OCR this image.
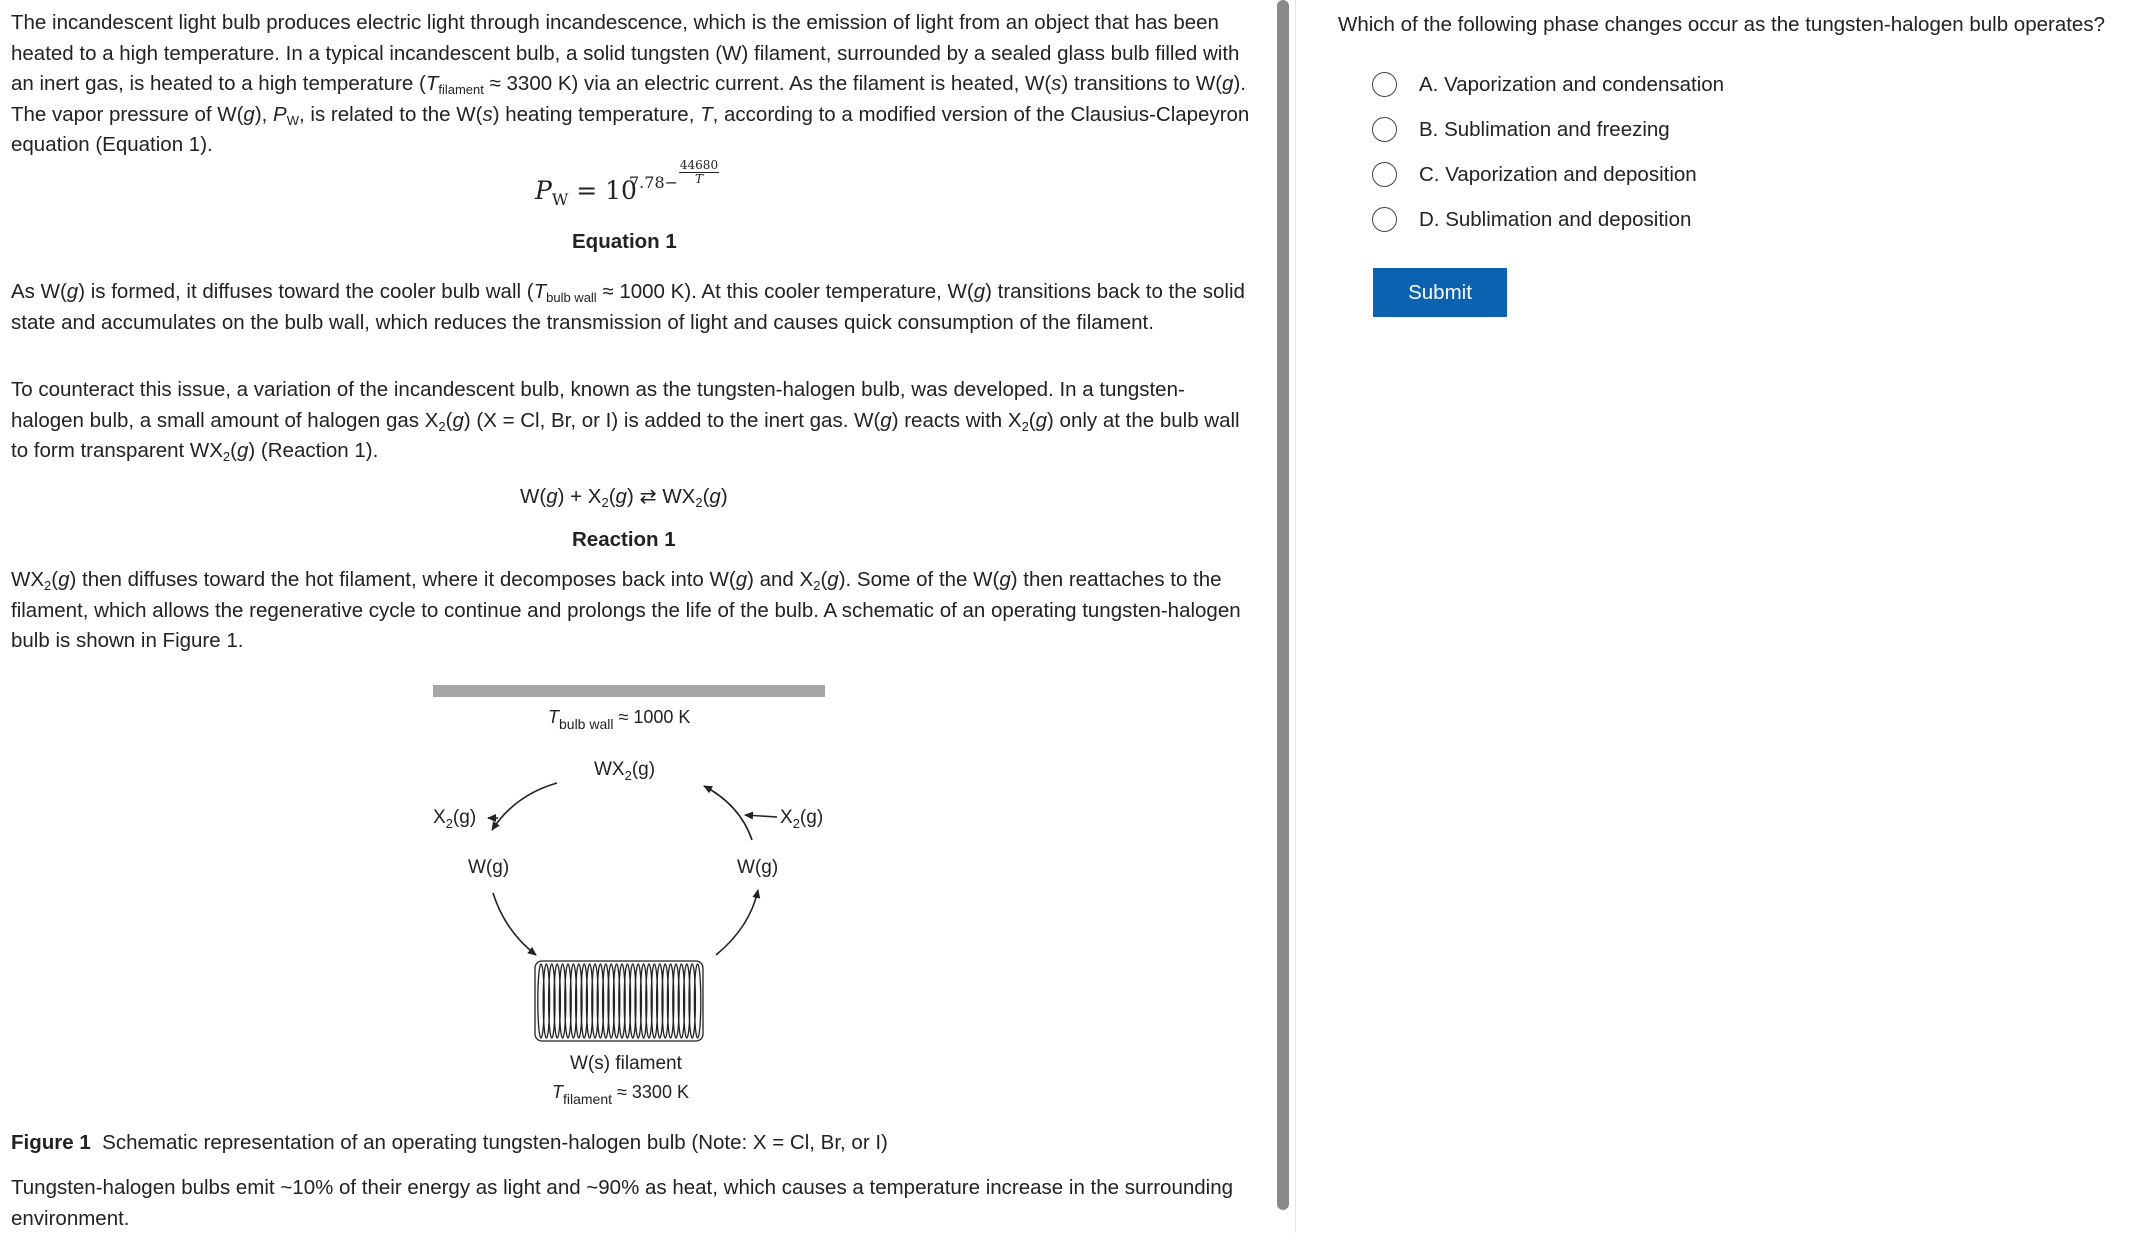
The incandescent light bulb produces electric light through incandescence, which is the emission of light from an object that has been heated to a high temperature. In a typical incandescent bulb, a solid tungsten (W) filament, surrounded by a sealed glass bulb filled with an inert gas, is heated to a high temperature ($T_{filament} \approx 3300$ K) via an electric current. As the filament is heated, W(s) transitions to W(g). The vapor pressure of W(g), $P_W$, is related to the W(s) heating temperature, T, according to a modified version of the Clausius-Clapeyron equation (Equation 1).

$P_W = 10$
7.78−
44680
T
Equation 1

As W(g) is formed, it diffuses toward the cooler bulb wall ($T_{bulb wall} \approx 1000$ K). At this cooler temperature, W(g) transitions back to the solid state and accumulates on the bulb wall, which reduces the transmission of light and causes quick consumption of the filament.

To counteract this issue, a variation of the incandescent bulb, known as the tungsten-halogen bulb, was developed. In a tungsten-halogen bulb, a small amount of halogen gas $X_2(g) (X = Cl$, Br, or I) is added to the inert gas. W(g) reacts with $X_2(g)$ only at the bulb wall to form transparent $WX_2(g)$ (Reaction 1).

$W(g) + X_2(g)$ ⇄ $WX_2(g)$
Reaction 1

$WX_2(g)$ then diffuses toward the hot filament, where it decomposes back into W(g) and $X_2(g)$. Some of the W(g) then reattaches to the filament, which allows the regenerative cycle to continue and prolongs the life of the bulb. A schematic of an operating tungsten-halogen bulb is shown in Figure 1.

$T_{bulb wall} \approx 1000$ K
$WX_2(g)$
$X_2(g)$	$X_2(g)$
W(g)	W(g)
W(s) filament
$T_{filament} \approx 3300$ K
Figure 1 Schematic representation of an operating tungsten-halogen bulb (Note: X = Cl, Br, or I)

Tungsten-halogen bulbs emit ~10% of their energy as light and ~90% as heat, which causes a temperature increase in the surrounding environment.

Which of the following phase changes occur as the tungsten-halogen bulb operates?
A. Vaporization and condensation
B. Sublimation and freezing
C. Vaporization and deposition
D. Sublimation and deposition
Submit
